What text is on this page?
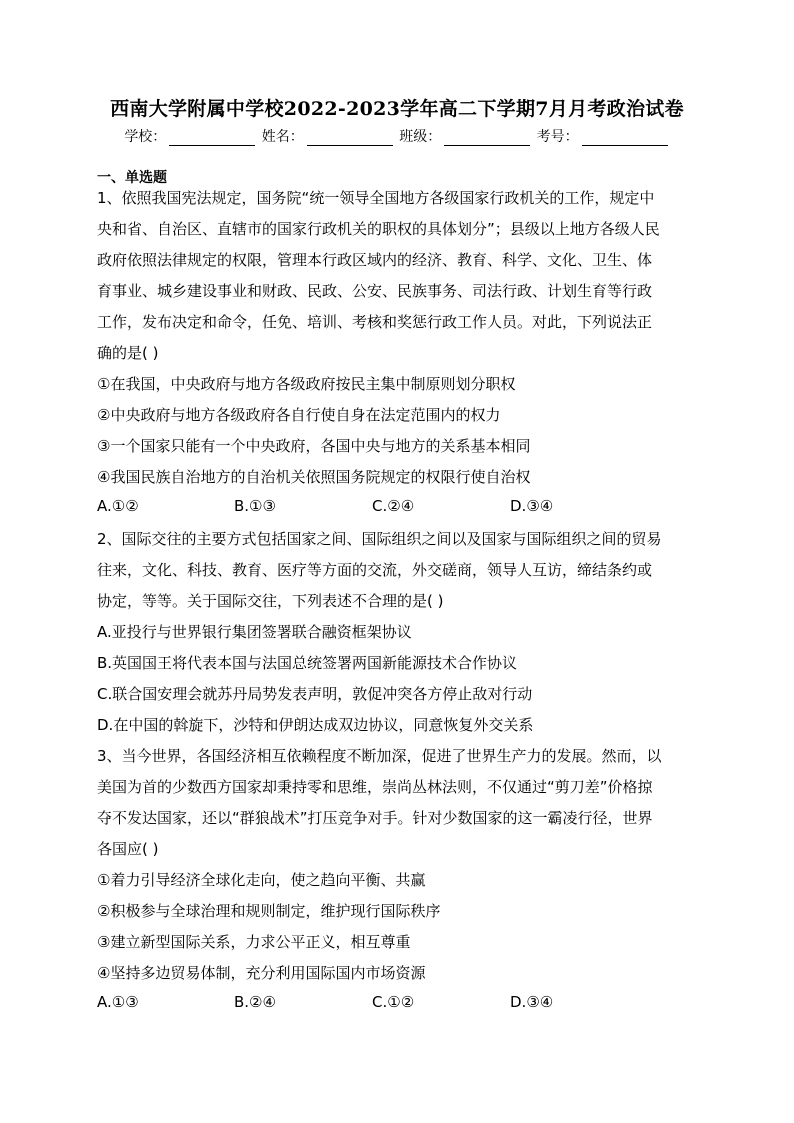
西南大学附属中学校2022-2023学年高二下学期7月月考政治试卷
学校：	姓名：	班级：	考号：
一、单选题
1、依照我国宪法规定，国务院“统一领导全国地方各级国家行政机关的工作，规定中
央和省、自治区、直辖市的国家行政机关的职权的具体划分”；县级以上地方各级人民
政府依照法律规定的权限，管理本行政区域内的经济、教育、科学、文化、卫生、体
育事业、城乡建设事业和财政、民政、公安、民族事务、司法行政、计划生育等行政
工作，发布决定和命令，任免、培训、考核和奖惩行政工作人员。对此，下列说法正
确的是( )
①在我国，中央政府与地方各级政府按民主集中制原则划分职权
②中央政府与地方各级政府各自行使自身在法定范围内的权力
③一个国家只能有一个中央政府，各国中央与地方的关系基本相同
④我国民族自治地方的自治机关依照国务院规定的权限行使自治权
A.①②	B.①③	C.②④	D.③④
2、国际交往的主要方式包括国家之间、国际组织之间以及国家与国际组织之间的贸易
往来，文化、科技、教育、医疗等方面的交流，外交磋商，领导人互访，缔结条约或
协定，等等。关于国际交往，下列表述不合理的是( )
A.亚投行与世界银行集团签署联合融资框架协议
B.英国国王将代表本国与法国总统签署两国新能源技术合作协议
C.联合国安理会就苏丹局势发表声明，敦促冲突各方停止敌对行动
D.在中国的斡旋下，沙特和伊朗达成双边协议，同意恢复外交关系
3、当今世界，各国经济相互依赖程度不断加深，促进了世界生产力的发展。然而，以
美国为首的少数西方国家却秉持零和思维，崇尚丛林法则，不仅通过“剪刀差”价格掠
夺不发达国家，还以“群狼战术”打压竞争对手。针对少数国家的这一霸凌行径，世界
各国应( )
①着力引导经济全球化走向，使之趋向平衡、共赢
②积极参与全球治理和规则制定，维护现行国际秩序
③建立新型国际关系，力求公平正义，相互尊重
④坚持多边贸易体制，充分利用国际国内市场资源
A.①③	B.②④	C.①②	D.③④
